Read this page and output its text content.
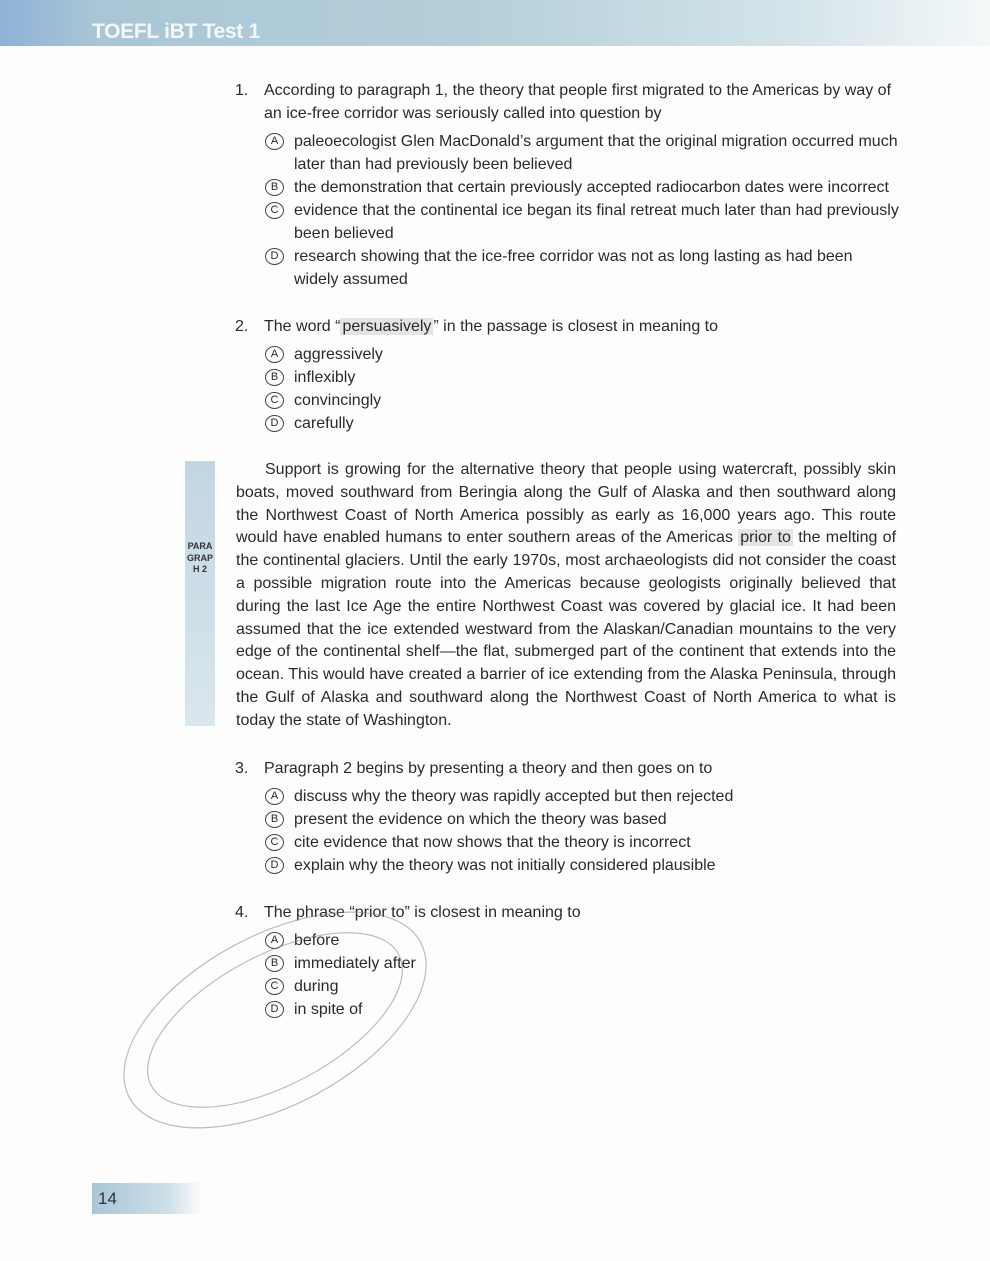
TOEFL iBT Test 1
1. According to paragraph 1, the theory that people first migrated to the Americas by way of an ice-free corridor was seriously called into question by
A paleoecologist Glen MacDonald’s argument that the original migration occurred much later than had previously been believed
B the demonstration that certain previously accepted radiocarbon dates were incorrect
C evidence that the continental ice began its final retreat much later than had previously been believed
D research showing that the ice-free corridor was not as long lasting as had been widely assumed
2. The word “ persuasively ” in the passage is closest in meaning to
A aggressively
B inflexibly
C convincingly
D carefully
PARAGRAPH 2
Support is growing for the alternative theory that people using watercraft, possibly skin boats, moved southward from Beringia along the Gulf of Alaska and then southward along the Northwest Coast of North America possibly as early as 16,000 years ago. This route would have enabled humans to enter southern areas of the Americas prior to the melting of the continental glaciers. Until the early 1970s, most archaeologists did not consider the coast a possible migration route into the Americas because geologists originally believed that during the last Ice Age the entire Northwest Coast was covered by glacial ice. It had been assumed that the ice extended westward from the Alaskan/Canadian mountains to the very edge of the continental shelf—the flat, submerged part of the continent that extends into the ocean. This would have created a barrier of ice extending from the Alaska Peninsula, through the Gulf of Alaska and southward along the Northwest Coast of North America to what is today the state of Washington.
3. Paragraph 2 begins by presenting a theory and then goes on to
A discuss why the theory was rapidly accepted but then rejected
B present the evidence on which the theory was based
C cite evidence that now shows that the theory is incorrect
D explain why the theory was not initially considered plausible
4. The phrase “prior to” is closest in meaning to
A before
B immediately after
C during
D in spite of
14
